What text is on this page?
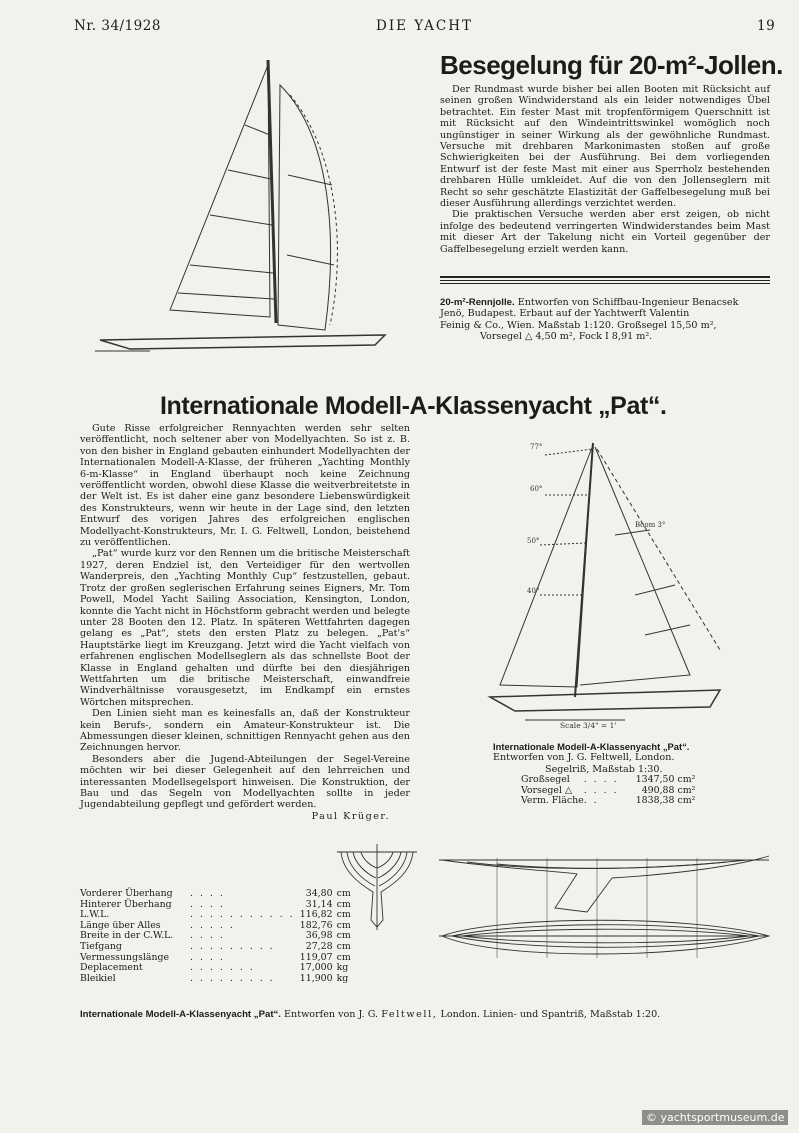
Nr. 34/1928	DIE YACHT	19
Besegelung für 20-m²-Jollen.

Der Rundmast wurde bisher bei allen Booten mit Rücksicht auf seinen großen Windwiderstand als ein leider notwendiges Übel betrachtet. Ein fester Mast mit tropfenförmigem Querschnitt ist mit Rücksicht auf den Windeintrittswinkel womöglich noch ungünstiger in seiner Wirkung als der gewöhnliche Rundmast. Versuche mit drehbaren Markonimasten stoßen auf große Schwierigkeiten bei der Ausführung. Bei dem vorliegenden Entwurf ist der feste Mast mit einer aus Sperrholz bestehenden drehbaren Hülle umkleidet. Auf die von den Jollenseglern mit Recht so sehr geschätzte Elastizität der Gaffelbesegelung muß bei dieser Ausführung allerdings verzichtet werden.

Die praktischen Versuche werden aber erst zeigen, ob nicht infolge des bedeutend verringerten Windwiderstandes beim Mast mit dieser Art der Takelung nicht ein Vorteil gegenüber der Gaffelbesegelung erzielt werden kann.

20-m²-Rennjolle. Entworfen von Schiffbau-Ingenieur Benacsek
Jenö, Budapest. Erbaut auf der Yachtwerft Valentin
Feinig & Co., Wien. Maßstab 1:120. Großsegel 15,50 m²,
Vorsegel △ 4,50 m², Fock I 8,91 m².
Internationale Modell-A-Klassenyacht „Pat“.

Gute Risse erfolgreicher Rennyachten werden sehr selten veröffentlicht, noch seltener aber von Modellyachten. So ist z. B. von den bisher in England gebauten einhundert Modellyachten der Internationalen Modell-A-Klasse, der früheren „Yachting Monthly 6-m-Klasse“ in England überhaupt noch keine Zeichnung veröffentlicht worden, obwohl diese Klasse die weitverbreitetste in der Welt ist. Es ist daher eine ganz besondere Liebenswürdigkeit des Konstrukteurs, wenn wir heute in der Lage sind, den letzten Entwurf des vorigen Jahres des erfolgreichen englischen Modellyacht-Konstrukteurs, Mr. I. G. Feltwell, London, beistehend zu veröffentlichen.

„Pat“ wurde kurz vor den Rennen um die britische Meisterschaft 1927, deren Endziel ist, den Verteidiger für den wertvollen Wanderpreis, den „Yachting Monthly Cup“ festzustellen, gebaut. Trotz der großen seglerischen Erfahrung seines Eigners, Mr. Tom Powell, Model Yacht Sailing Association, Kensington, London, konnte die Yacht nicht in Höchstform gebracht werden und belegte unter 28 Booten den 12. Platz. In späteren Wettfahrten dagegen gelang es „Pat“, stets den ersten Platz zu belegen. „Pat's“ Hauptstärke liegt im Kreuzgang. Jetzt wird die Yacht vielfach von erfahrenen englischen Modellseglern als das schnellste Boot der Klasse in England gehalten und dürfte bei den diesjährigen Wettfahrten um die britische Meisterschaft, einwandfreie Windverhältnisse vorausgesetzt, im Endkampf ein ernstes Wörtchen mitsprechen.

Den Linien sieht man es keinesfalls an, daß der Konstrukteur kein Berufs-, sondern ein Amateur-Konstrukteur ist. Die Abmessungen dieser kleinen, schnittigen Rennyacht gehen aus den Zeichnungen hervor.

Besonders aber die Jugend-Abteilungen der Segel-Vereine möchten wir bei dieser Gelegenheit auf den lehrreichen und interessanten Modellsegelsport hinweisen. Die Konstruktion, der Bau und das Segeln von Modellyachten sollte in jeder Jugendabteilung gepflegt und gefördert werden.

Paul Krüger.
77°
60°
50°
40°
Boom 3°
Scale 3/4" = 1'
Internationale Modell-A-Klassenyacht „Pat“.
Entworfen von J. G. Feltwell, London.
Segelriß, Maßstab 1:30.
Großsegel	. . . .	1347,50 cm²
Vorsegel △	. . . .	490,88 cm²
Verm. Fläche	. .	1838,38 cm²
Vorderer Überhang	. . . .	34,80	cm
Hinterer Überhang	. . . .	31,14	cm
L.W.L.	. . . . . . . . . . .	116,82	cm
Länge über Alles	. . . . .	182,76	cm
Breite in der C.W.L.	. . . .	36,98	cm
Tiefgang	. . . . . . . . .	27,28	cm
Vermessungslänge	. . . .	119,07	cm
Deplacement	. . . . . . .	17,000	kg
Bleikiel	. . . . . . . . .	11,900	kg
Internationale Modell-A-Klassenyacht „Pat“. Entworfen von J. G. Feltwell, London. Linien- und Spantriß, Maßstab 1:20.
© yachtsportmuseum.de
